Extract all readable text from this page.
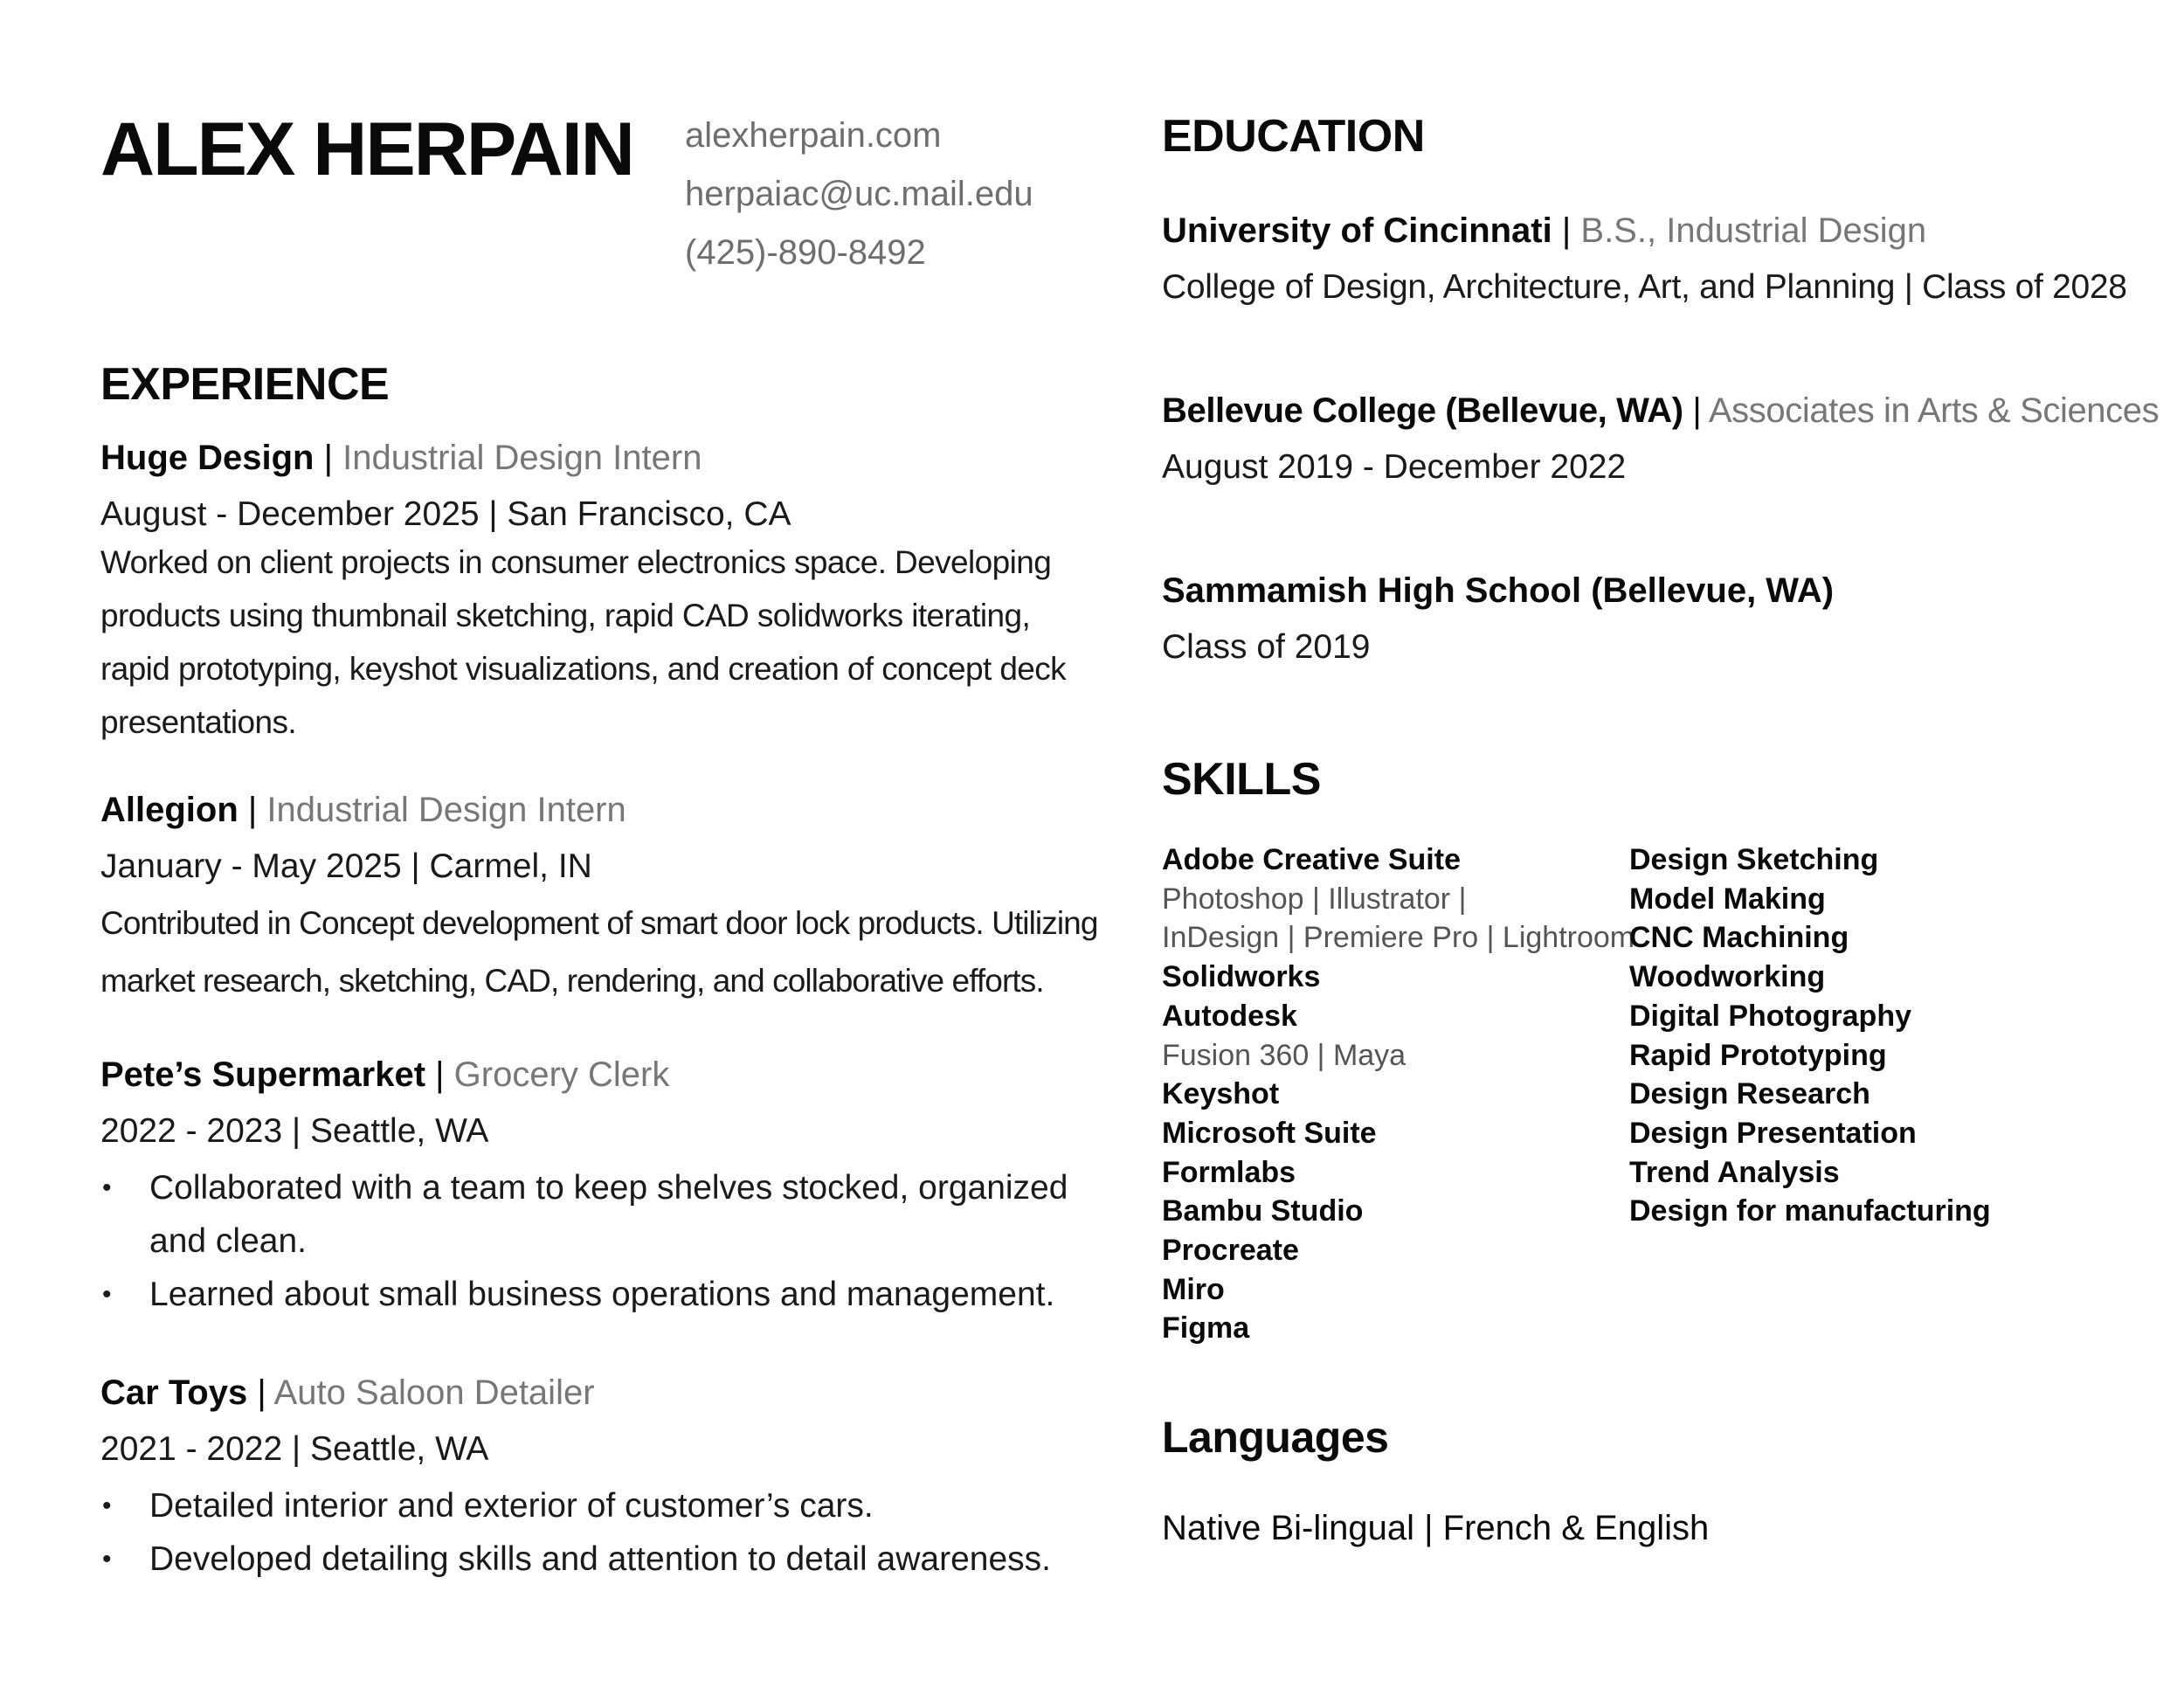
ALEX HERPAIN alexherpain.com
herpaiac@uc.mail.edu
(425)-890-8492
EXPERIENCE
Huge Design | Industrial Design Intern
August - December 2025 | San Francisco, CA
Worked on client projects in consumer electronics space. Developing
products using thumbnail sketching, rapid CAD solidworks iterating,
rapid prototyping, keyshot visualizations, and creation of concept deck
presentations.
Allegion | Industrial Design Intern
January - May 2025 | Carmel, IN
Contributed in Concept development of smart door lock products. Utilizing
market research, sketching, CAD, rendering, and collaborative efforts.
Pete’s Supermarket | Grocery Clerk
2022 - 2023 | Seattle, WA
• Collaborated with a team to keep shelves stocked, organized and clean.
• Learned about small business operations and management.
Car Toys | Auto Saloon Detailer
2021 - 2022 | Seattle, WA
• Detailed interior and exterior of customer’s cars.
• Developed detailing skills and attention to detail awareness.
EDUCATION
University of Cincinnati | B.S., Industrial Design
College of Design, Architecture, Art, and Planning | Class of 2028
Bellevue College (Bellevue, WA) | Associates in Arts & Sciences
August 2019 - December 2022
Sammamish High School (Bellevue, WA)
Class of 2019
SKILLS
Adobe Creative Suite
Photoshop | Illustrator |
InDesign | Premiere Pro | Lightroom
Solidworks
Autodesk
Fusion 360 | Maya
Keyshot
Microsoft Suite
Formlabs
Bambu Studio
Procreate
Miro
Figma
Design Sketching
Model Making
CNC Machining
Woodworking
Digital Photography
Rapid Prototyping
Design Research
Design Presentation
Trend Analysis
Design for manufacturing
Languages
Native Bi-lingual | French & English
